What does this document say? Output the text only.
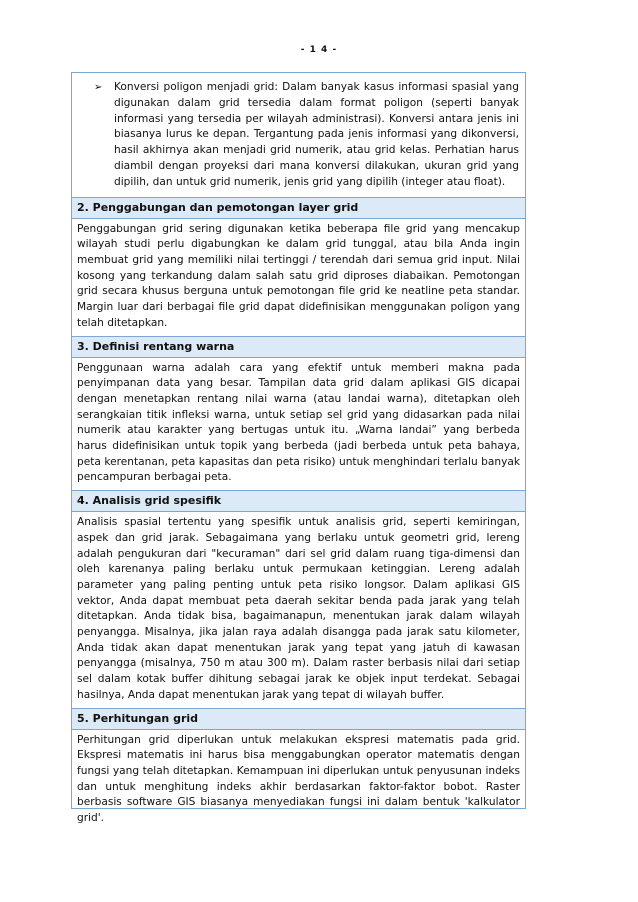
- 1 4 -
➢	Konversi poligon menjadi grid: Dalam banyak kasus informasi spasial yang digunakan dalam grid tersedia dalam format poligon (seperti banyak informasi yang tersedia per wilayah administrasi). Konversi antara jenis ini biasanya lurus ke depan. Tergantung pada jenis informasi yang dikonversi, hasil akhirnya akan menjadi grid numerik, atau grid kelas. Perhatian harus diambil dengan proyeksi dari mana konversi dilakukan, ukuran grid yang dipilih, dan untuk grid numerik, jenis grid yang dipilih (integer atau float).
2. Penggabungan dan pemotongan layer grid
Penggabungan grid sering digunakan ketika beberapa file grid yang mencakup wilayah studi perlu digabungkan ke dalam grid tunggal, atau bila Anda ingin membuat grid yang memiliki nilai tertinggi / terendah dari semua grid input. Nilai kosong yang terkandung dalam salah satu grid diproses diabaikan. Pemotongan grid secara khusus berguna untuk pemotongan file grid ke neatline peta standar. Margin luar dari berbagai file grid dapat didefinisikan menggunakan poligon yang telah ditetapkan.
3. Definisi rentang warna
Penggunaan warna adalah cara yang efektif untuk memberi makna pada penyimpanan data yang besar. Tampilan data grid dalam aplikasi GIS dicapai dengan menetapkan rentang nilai warna (atau landai warna), ditetapkan oleh serangkaian titik infleksi warna, untuk setiap sel grid yang didasarkan pada nilai numerik atau karakter yang bertugas untuk itu. „Warna landai” yang berbeda harus didefinisikan untuk topik yang berbeda (jadi berbeda untuk peta bahaya, peta kerentanan, peta kapasitas dan peta risiko) untuk menghindari terlalu banyak pencampuran berbagai peta.
4. Analisis grid spesifik
Analisis spasial tertentu yang spesifik untuk analisis grid, seperti kemiringan, aspek dan grid jarak. Sebagaimana yang berlaku untuk geometri grid, lereng adalah pengukuran dari "kecuraman" dari sel grid dalam ruang tiga-dimensi dan oleh karenanya paling berlaku untuk permukaan ketinggian. Lereng adalah parameter yang paling penting untuk peta risiko longsor. Dalam aplikasi GIS vektor, Anda dapat membuat peta daerah sekitar benda pada jarak yang telah ditetapkan. Anda tidak bisa, bagaimanapun, menentukan jarak dalam wilayah penyangga. Misalnya, jika jalan raya adalah disangga pada jarak satu kilometer, Anda tidak akan dapat menentukan jarak yang tepat yang jatuh di kawasan penyangga (misalnya, 750 m atau 300 m). Dalam raster berbasis nilai dari setiap sel dalam kotak buffer dihitung sebagai jarak ke objek input terdekat. Sebagai hasilnya, Anda dapat menentukan jarak yang tepat di wilayah buffer.
5. Perhitungan grid
Perhitungan grid diperlukan untuk melakukan ekspresi matematis pada grid. Ekspresi matematis ini harus bisa menggabungkan operator matematis dengan fungsi yang telah ditetapkan. Kemampuan ini diperlukan untuk penyusunan indeks dan untuk menghitung indeks akhir berdasarkan faktor-faktor bobot. Raster berbasis software GIS biasanya menyediakan fungsi ini dalam bentuk 'kalkulator grid'.
